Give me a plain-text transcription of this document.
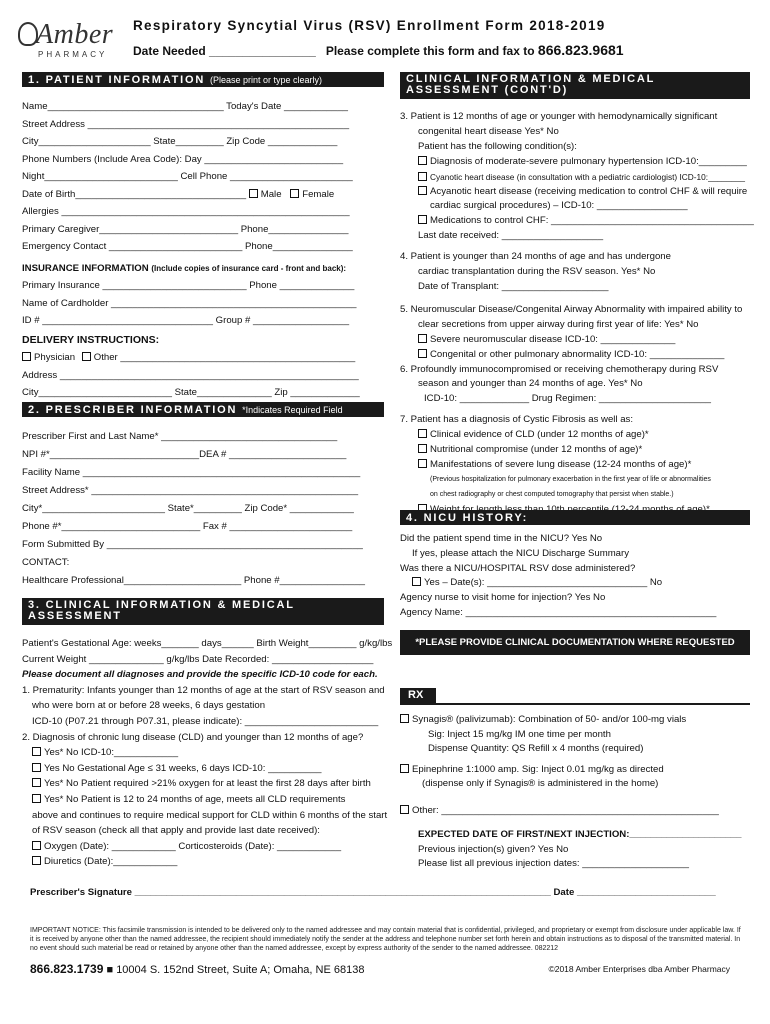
Amber
PHARMACY
Respiratory Syncytial Virus (RSV) Enrollment Form 2018-2019
Date Needed ________________ Please complete this form and fax to 866.823.9681
1. PATIENT INFORMATION (Please print or type clearly)
Name_________________________________ Today's Date ____________
Street Address _________________________________________________
City_____________________ State_________ Zip Code _____________
Phone Numbers (Include Area Code): Day __________________________
Night_________________________ Cell Phone _______________________
Date of Birth________________________________ Male Female
Allergies ______________________________________________________
Primary Caregiver__________________________ Phone_______________
Emergency Contact _________________________ Phone_______________
INSURANCE INFORMATION (Include copies of insurance card - front and back):
Primary Insurance ___________________________ Phone ______________
Name of Cardholder ______________________________________________
ID # ________________________________ Group # __________________
DELIVERY INSTRUCTIONS:
Physician Other ____________________________________________
Address ________________________________________________________
City_________________________ State______________ Zip _____________
2. PRESCRIBER INFORMATION *Indicates Required Field
Prescriber First and Last Name* _________________________________
NPI #*____________________________DEA # ______________________
Facility Name ____________________________________________________
Street Address* __________________________________________________
City*_______________________ State*_________ Zip Code* ____________
Phone #*__________________________ Fax # _______________________
Form Submitted By ________________________________________________
CONTACT:
Healthcare Professional______________________ Phone #________________
3. CLINICAL INFORMATION & MEDICAL ASSESSMENT
Patient's Gestational Age: weeks_______ days______ Birth Weight_________ g/kg/lbs
Current Weight ______________ g/kg/lbs Date Recorded: ___________________
Please document all diagnoses and provide the specific ICD-10 code for each.
1. Prematurity: Infants younger than 12 months of age at the start of RSV season and
who were born at or before 28 weeks, 6 days gestation
ICD-10 (P07.21 through P07.31, please indicate): _________________________
2. Diagnosis of chronic lung disease (CLD) and younger than 12 months of age?
Yes* No ICD-10:____________
Yes No Gestational Age ≤ 31 weeks, 6 days ICD-10: __________
Yes* No Patient required >21% oxygen for at least the first 28 days after birth
Yes* No Patient is 12 to 24 months of age, meets all CLD requirements
above and continues to require medical support for CLD within 6 months of the start
of RSV season (check all that apply and provide last date received):
Oxygen (Date): ____________ Corticosteroids (Date): ____________
Diuretics (Date):____________
CLINICAL INFORMATION & MEDICAL ASSESSMENT (CONT'D)
3. Patient is 12 months of age or younger with hemodynamically significant
congenital heart disease Yes* No
Patient has the following condition(s):
Diagnosis of moderate-severe pulmonary hypertension ICD-10:_________
Cyanotic heart disease (in consultation with a pediatric cardiologist) ICD-10:________
Acyanotic heart disease (receiving medication to control CHF & will require
cardiac surgical procedures) – ICD-10: _________________
Medications to control CHF: ______________________________________
Last date received: ___________________
4. Patient is younger than 24 months of age and has undergone
cardiac transplantation during the RSV season. Yes* No
Date of Transplant: ____________________
5. Neuromuscular Disease/Congenital Airway Abnormality with impaired ability to
clear secretions from upper airway during first year of life: Yes* No
Severe neuromuscular disease ICD-10: ______________
Congenital or other pulmonary abnormality ICD-10: ______________
6. Profoundly immunocompromised or receiving chemotherapy during RSV
season and younger than 24 months of age. Yes* No
ICD-10: _____________ Drug Regimen: _____________________
7. Patient has a diagnosis of Cystic Fibrosis as well as:
Clinical evidence of CLD (under 12 months of age)*
Nutritional compromise (under 12 months of age)*
Manifestations of severe lung disease (12-24 months of age)*
(Previous hospitalization for pulmonary exacerbation in the first year of life or abnormalities
on chest radiography or chest computed tomography that persist when stable.)
4. NICU HISTORY:
Did the patient spend time in the NICU? Yes No
If yes, please attach the NICU Discharge Summary
Was there a NICU/HOSPITAL RSV dose administered?
Yes – Date(s): ______________________________ No
Agency nurse to visit home for injection? Yes No
Agency Name: _______________________________________________
*PLEASE PROVIDE CLINICAL DOCUMENTATION WHERE REQUESTED
RX
Synagis® (palivizumab): Combination of 50- and/or 100-mg vials
Sig: Inject 15 mg/kg IM one time per month
Dispense Quantity: QS Refill x 4 months (required)
Epinephrine 1:1000 amp. Sig: Inject 0.01 mg/kg as directed
(dispense only if Synagis® is administered in the home)
Other: ____________________________________________________
EXPECTED DATE OF FIRST/NEXT INJECTION:_____________________
Previous injection(s) given? Yes No
Please list all previous injection dates: ____________________
Prescriber's Signature ______________________________________________________________________________ Date __________________________
IMPORTANT NOTICE: This facsimile transmission is intended to be delivered only to the named addressee and may contain material that is confidential, privileged, and proprietary or exempt from disclosure under applicable law. If it is received by anyone other than the named addressee, the recipient should immediately notify the sender at the address and telephone number set forth herein and obtain instructions as to disposal of the transmitted material. In no event should such material be read or retained by anyone other than the named addressee, except by express authority of the sender to the named addressee. 082212
866.823.1739 ■ 10004 S. 152nd Street, Suite A; Omaha, NE 68138	©2018 Amber Enterprises dba Amber Pharmacy
